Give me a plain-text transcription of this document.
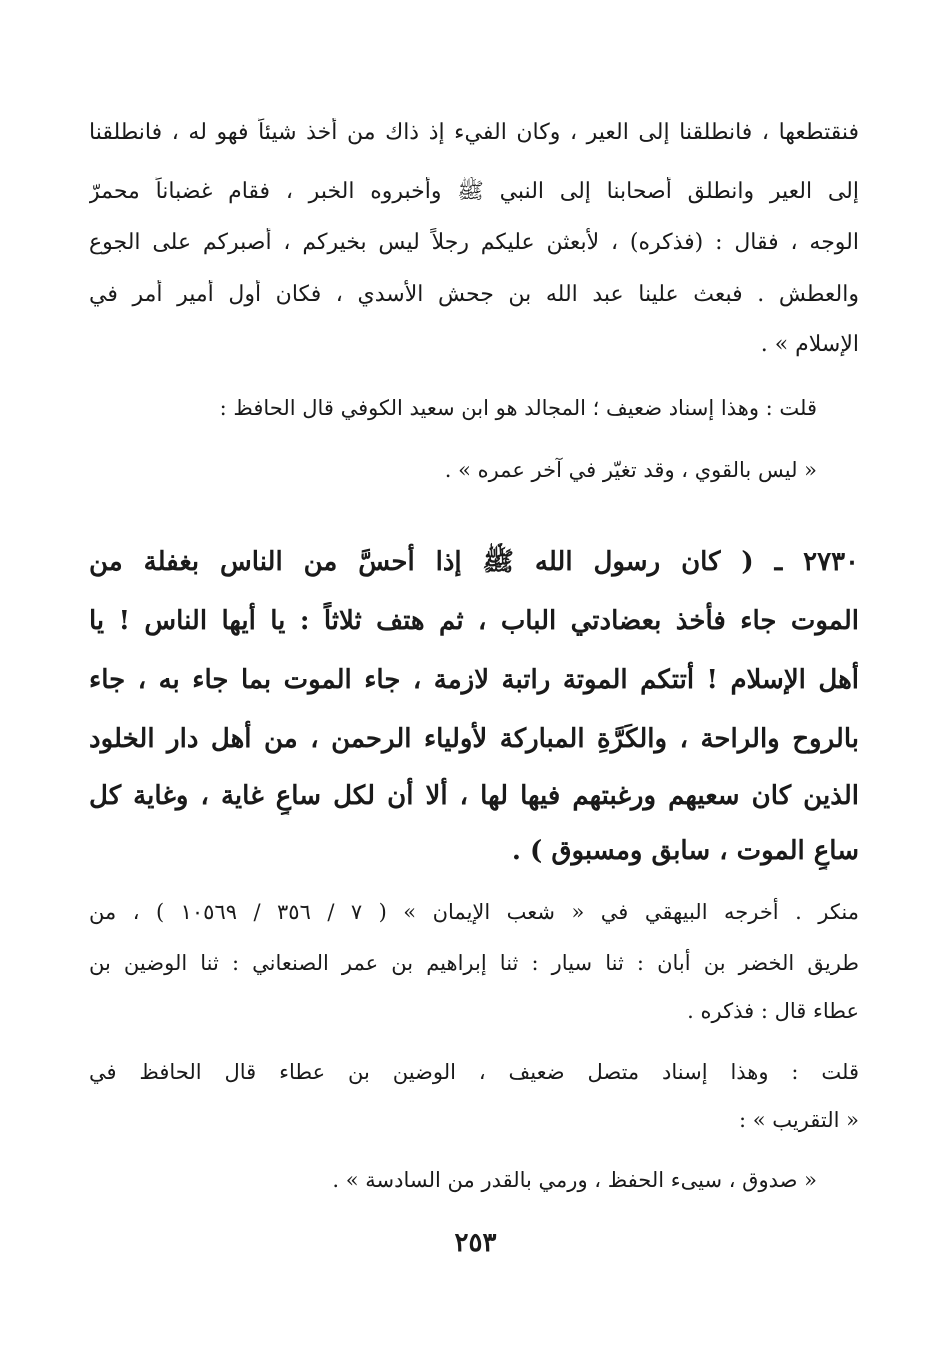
فنقتطعها ، فانطلقنا إلى العير ، وكان الفيء إذ ذاك من أخذ شيئاً فهو له ، فانطلقنا
إلى العير وانطلق أصحابنا إلى النبي ﷺ وأخبروه الخبر ، فقام غضباناً محمرّ
الوجه ، فقال : (فذكره) ، لأبعثن عليكم رجلاً ليس بخيركم ، أصبركم على الجوع
والعطش . فبعث علينا عبد الله بن جحش الأسدي ، فكان أول أمير أمر في
الإسلام » .
قلت : وهذا إسناد ضعيف ؛ المجالد هو ابن سعيد الكوفي قال الحافظ :
« ليس بالقوي ، وقد تغيّر في آخر عمره » .
٢٧٣٠ ـ ( كان رسول الله ﷺ إذا أحسَّ من الناس بغفلة من
الموت جاء فأخذ بعضادتي الباب ، ثم هتف ثلاثاً : يا أيها الناس ! يا
أهل الإسلام ! أتتكم الموتة راتبة لازمة ، جاء الموت بما جاء به ، جاء
بالروح والراحة ، والكَرَّةِ المباركة لأولياء الرحمن ، من أهل دار الخلود
الذين كان سعيهم ورغبتهم فيها لها ، ألا أن لكل ساعٍ غاية ، وغاية كل
ساعٍ الموت ، سابق ومسبوق ) .
منكر . أخرجه البيهقي في « شعب الإيمان » ( ٧ / ٣٥٦ / ١٠٥٦٩ ) ، من
طريق الخضر بن أبان : ثنا سيار : ثنا إبراهيم بن عمر الصنعاني : ثنا الوضين بن
عطاء قال : فذكره .
قلت : وهذا إسناد متصل ضعيف ، الوضين بن عطاء قال الحافظ في
« التقريب » :
« صدوق ، سيىء الحفظ ، ورمي بالقدر من السادسة » .
٢٥٣
